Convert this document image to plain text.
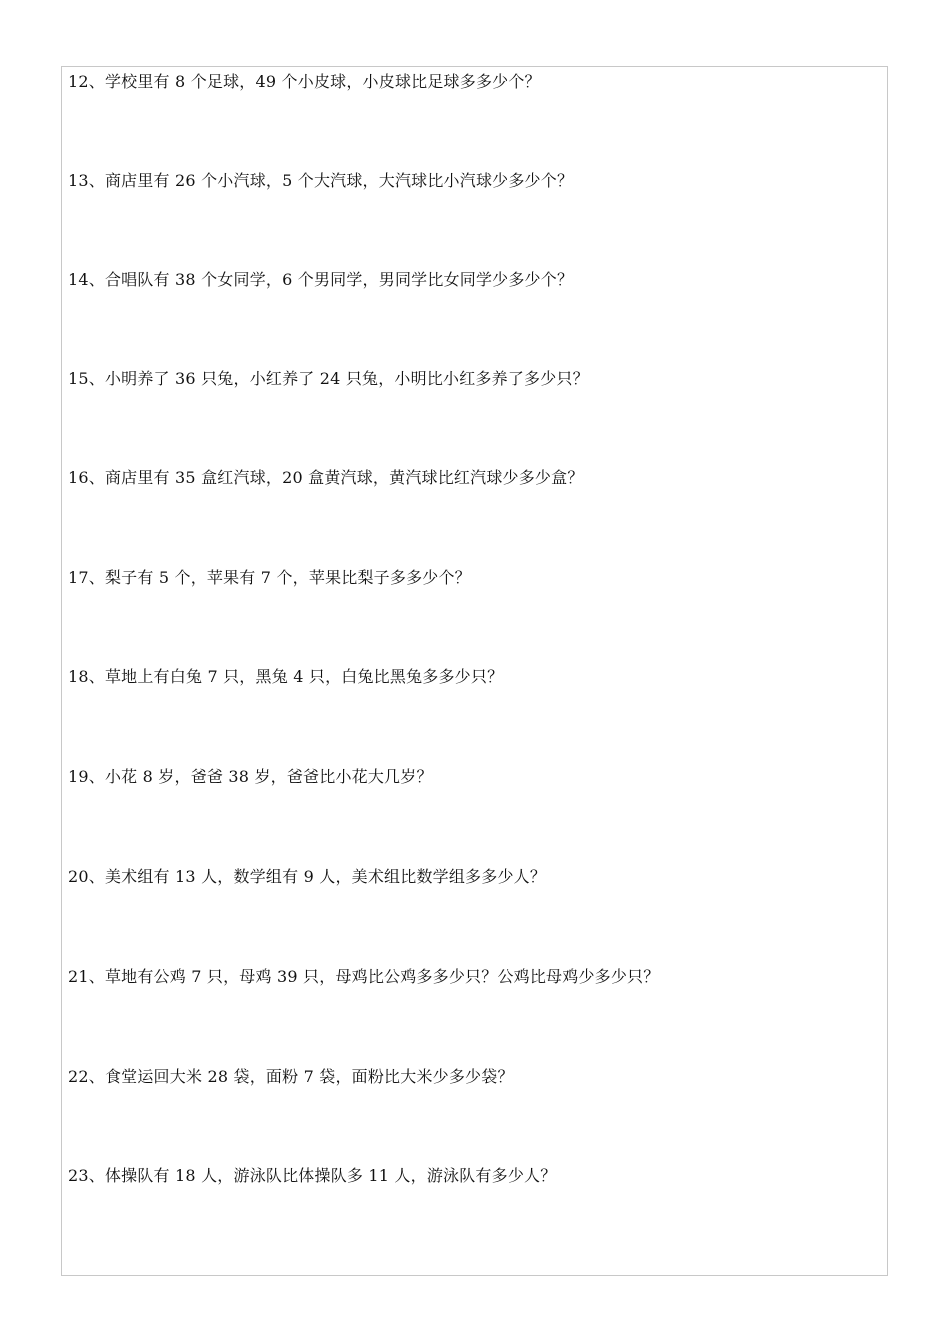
12、学校里有 8 个足球，49 个小皮球，小皮球比足球多多少个？
13、商店里有 26 个小汽球，5 个大汽球，大汽球比小汽球少多少个？
14、合唱队有 38 个女同学，6 个男同学，男同学比女同学少多少个？
15、小明养了 36 只兔，小红养了 24 只兔，小明比小红多养了多少只？
16、商店里有 35 盒红汽球，20 盒黄汽球，黄汽球比红汽球少多少盒？
17、梨子有 5 个，苹果有 7 个，苹果比梨子多多少个？
18、草地上有白兔 7 只，黑兔 4 只，白兔比黑兔多多少只？
19、小花 8 岁，爸爸 38 岁，爸爸比小花大几岁？
20、美术组有 13 人，数学组有 9 人，美术组比数学组多多少人？
21、草地有公鸡 7 只，母鸡 39 只，母鸡比公鸡多多少只？公鸡比母鸡少多少只？
22、食堂运回大米 28 袋，面粉 7 袋，面粉比大米少多少袋？
23、体操队有 18 人，游泳队比体操队多 11 人，游泳队有多少人？
